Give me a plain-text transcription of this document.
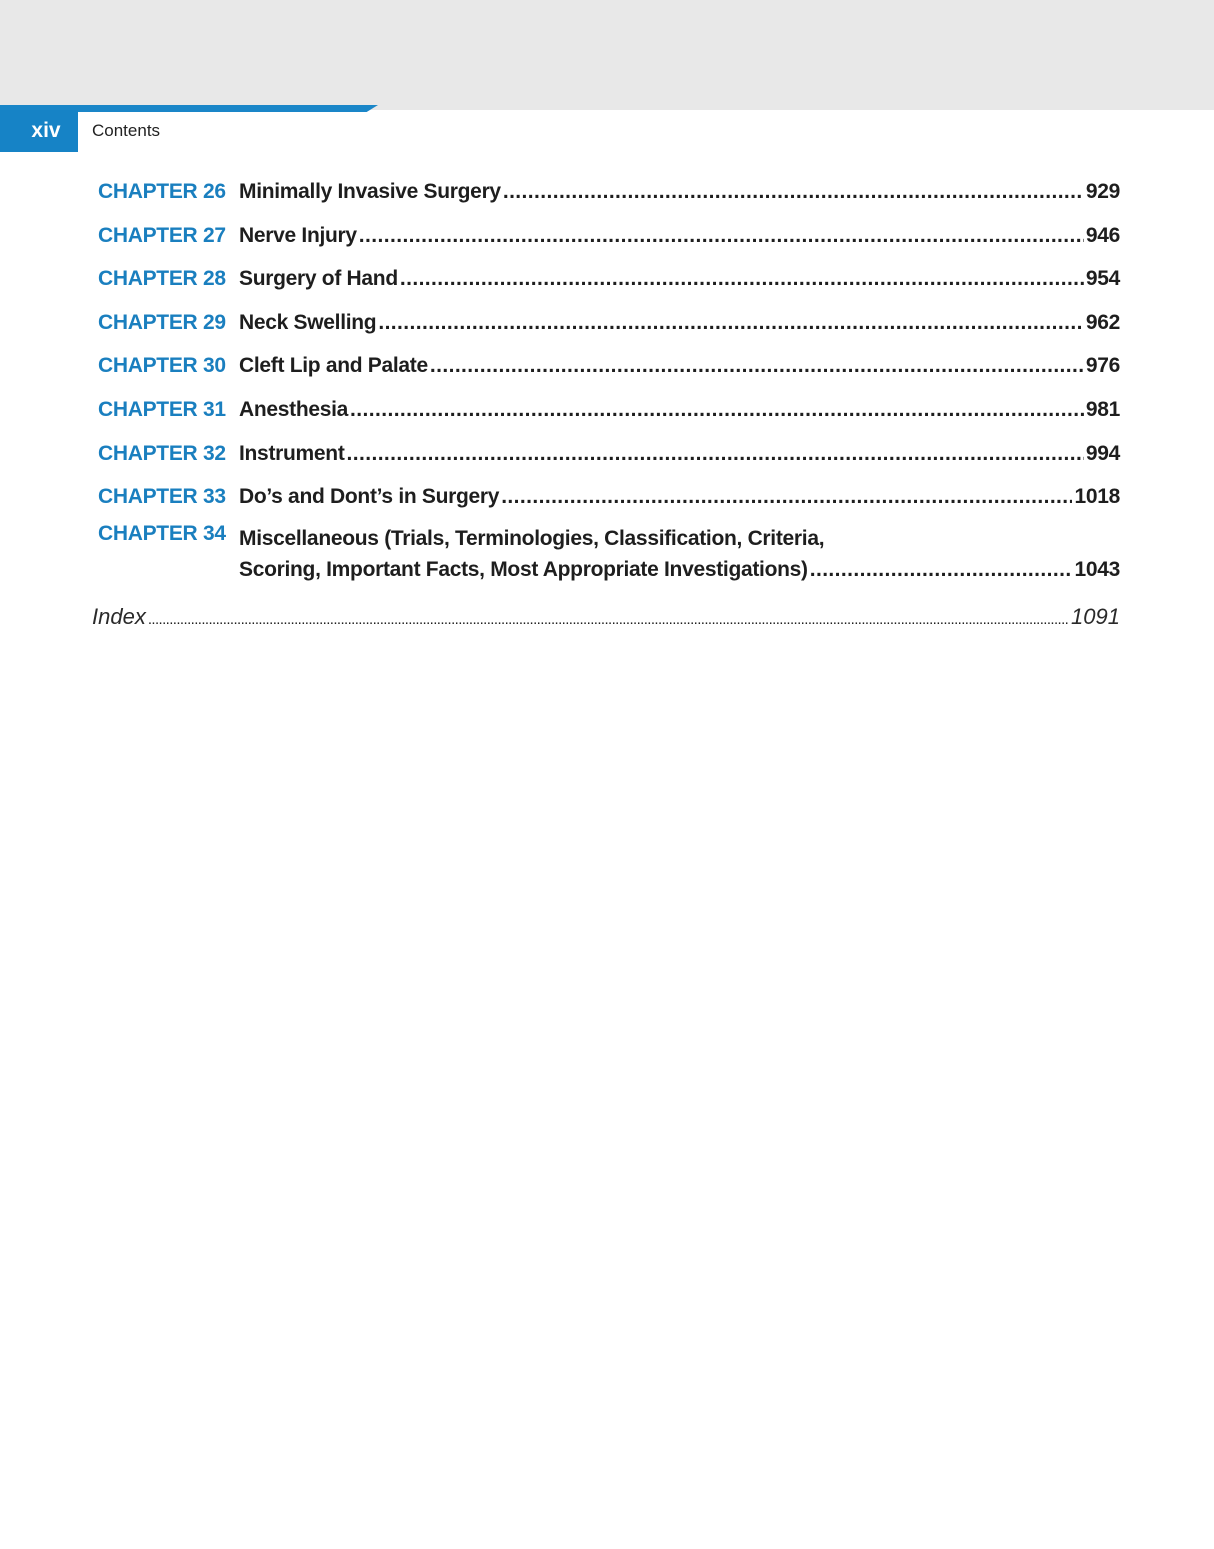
xiv Contents
CHAPTER 26 Minimally Invasive Surgery .....	929
CHAPTER 27 Nerve Injury .....	946
CHAPTER 28 Surgery of Hand .....	954
CHAPTER 29 Neck Swelling .....	962
CHAPTER 30 Cleft Lip and Palate .....	976
CHAPTER 31 Anesthesia .....	981
CHAPTER 32 Instrument .....	994
CHAPTER 33 Do’s and Dont’s in Surgery .....	1018
CHAPTER 34 Miscellaneous (Trials, Terminologies, Classification, Criteria,
Scoring, Important Facts, Most Appropriate Investigations) .....	1043
Index .....	1091
